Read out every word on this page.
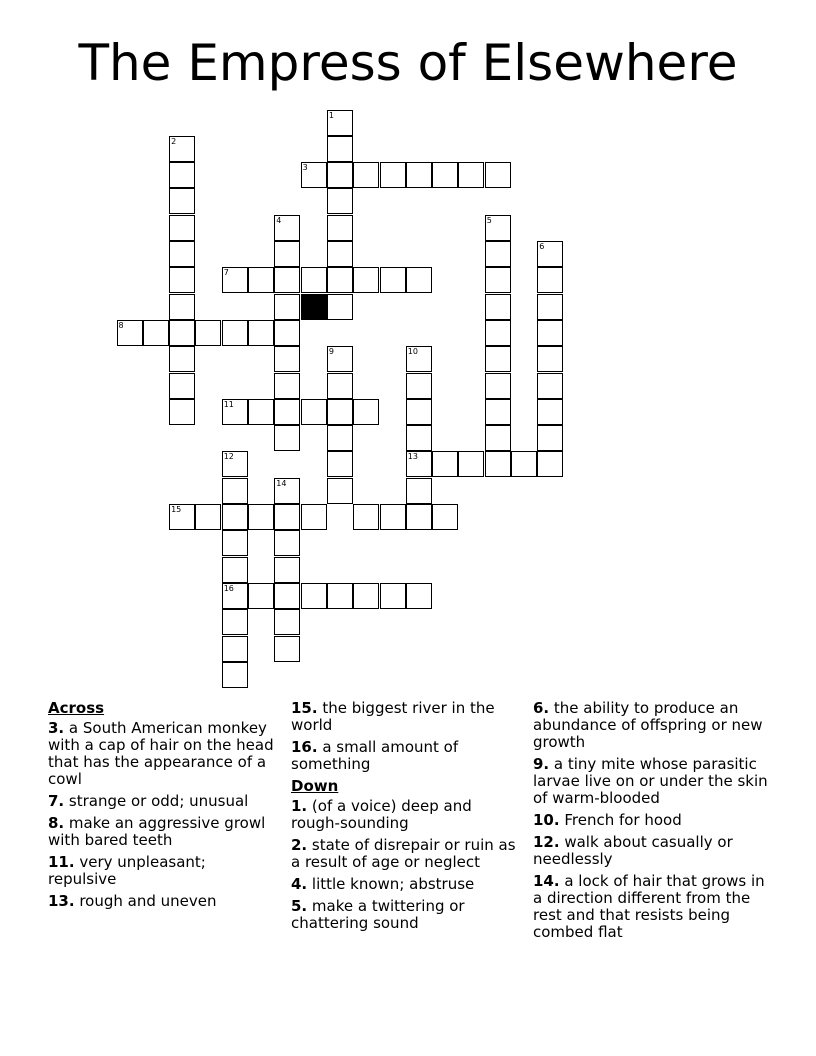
The Empress of Elsewhere
1
2
3
4	5
6
7
8
9	10
13
11
12
16
14
15
Across
3. a South American monkey with a cap of hair on the head that has the appearance of a cowl
7. strange or odd; unusual
8. make an aggressive growl with bared teeth
11. very unpleasant; repulsive
13. rough and uneven
15. the biggest river in the world
16. a small amount of something
Down
1. (of a voice) deep and rough-sounding
2. state of disrepair or ruin as a result of age or neglect
4. little known; abstruse
5. make a twittering or chattering sound
6. the ability to produce an abundance of offspring or new growth
9. a tiny mite whose parasitic larvae live on or under the skin of warm-blooded
10. French for hood
12. walk about casually or needlessly
14. a lock of hair that grows in a direction different from the rest and that resists being combed flat
